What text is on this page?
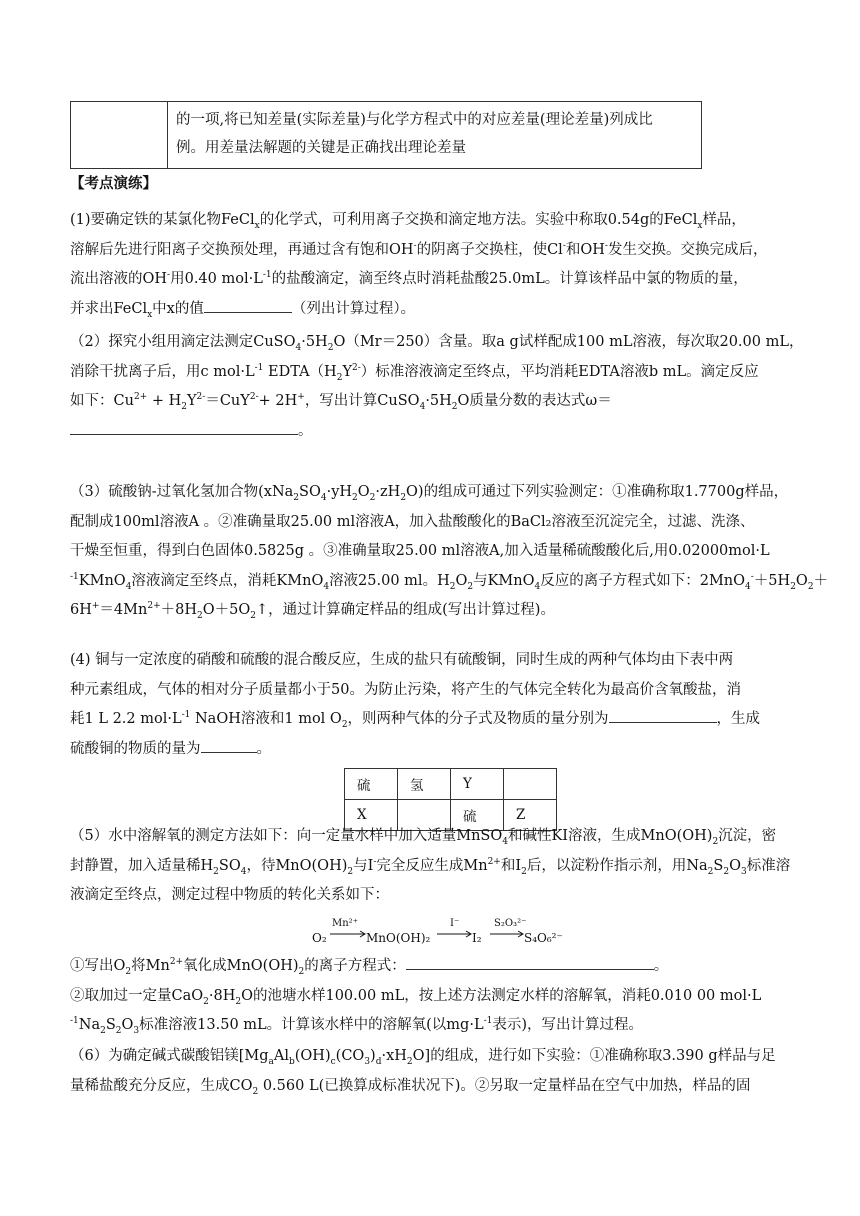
的一项,将已知差量(实际差量)与化学方程式中的对应差量(理论差量)列成比
例。用差量法解题的关键是正确找出理论差量
【考点演练】
(1)要确定铁的某氯化物FeCl$_x$的化学式，可利用离子交换和滴定地方法。实验中称取0.54g的FeCl$_x$样品，
溶解后先进行阳离子交换预处理，再通过含有饱和OH-的阴离子交换柱，使Cl-和OH-发生交换。交换完成后，
流出溶液的OH-用0.40 $mol\cdot L^{-1}$的盐酸滴定，滴至终点时消耗盐酸25.0mL。计算该样品中氯的物质的量，
并求出FeCl$_x$中x的值	（列出计算过程）。
（2）探究小组用滴定法测定$CuSO_4\cdot 5H_2O(Mr=250)$含量。取a g试样配成100 mL溶液，每次取20.00 mL，
消除干扰离子后，用c $mol\cdot L^{-1}$ $EDTA(H_2Y^{2-})$标准溶液滴定至终点，平均消耗EDTA溶液b mL。滴定反应
如下：$Cu^{2+} + H_2Y^{2-}=CuY^{2-}+ 2H^+$，写出计算$CuSO_4\cdot 5H_2O$质量分数的表达式ω＝
。
（3）硫酸钠-过氧化氢加合物$(xNa_2SO_4\cdot yH_2O_2\cdot zH_2O)$的组成可通过下列实验测定：①准确称取1.7700g样品，
配制成100ml溶液A 。②准确量取25.00 ml溶液A，加入盐酸酸化的BaCl₂溶液至沉淀完全，过滤、洗涤、
干燥至恒重，得到白色固体0.5825g 。③准确量取25.00 ml溶液A,加入适量稀硫酸酸化后,用0.02000mol·L
$^{-1}$KMnO$_4$溶液滴定至终点，消耗KMnO$_4$溶液25.00 ml。$H_2O_2$与KMnO$_4$反应的离子方程式如下：$2MnO_4^-+5H_2O_2+$
$6H^+=4Mn^{2+}+8H_2O+5O_2↑$，通过计算确定样品的组成(写出计算过程)。
(4) 铜与一定浓度的硝酸和硫酸的混合酸反应，生成的盐只有硫酸铜，同时生成的两种气体均由下表中两
种元素组成，气体的相对分子质量都小于50。为防止污染，将产生的气体完全转化为最高价含氧酸盐，消
耗1 L 2.2 $mol\cdot L^{-1}$ NaOH溶液和1 mol $O_2$，则两种气体的分子式及物质的量分别为	，生成
硫酸铜的物质的量为	。
硫	氢	Y	
X		硫	Z
（5）水中溶解氧的测定方法如下：向一定量水样中加入适量MnSO$_4$和碱性KI溶液，生成$MnO(OH)_2$沉淀，密
封静置，加入适量稀$H_2SO_4$，待$MnO(OH)_2$与I-完全反应生成$Mn^{2+}$和$I_2$后，以淀粉作指示剂，用$Na_2S_2O_3$标准溶
液滴定至终点，测定过程中物质的转化关系如下：
O₂
Mn²⁺
MnO(OH)₂
I⁻
I₂
S₂O₃²⁻
S₄O₆²⁻
①写出$O_2$将$Mn^{2+}$氧化成$MnO(OH)_2$的离子方程式：	。
②取加过一定量$CaO_2\cdot 8H_2O$的池塘水样100.00 mL，按上述方法测定水样的溶解氧，消耗0.010 00 mol·L
$^{-1}Na_2S_2O_3$标准溶液13.50 mL。计算该水样中的溶解氧(以$mg\cdot L^{-1}$表示)，写出计算过程。
（6）为确定碱式碳酸铝镁$[Mg_aAl_b(OH)_c(CO_3)_d\cdot xH_2O]$的组成，进行如下实验：①准确称取3.390 g样品与足
量稀盐酸充分反应，生成$CO_2$ 0.560 L(已换算成标准状况下)。②另取一定量样品在空气中加热，样品的固
